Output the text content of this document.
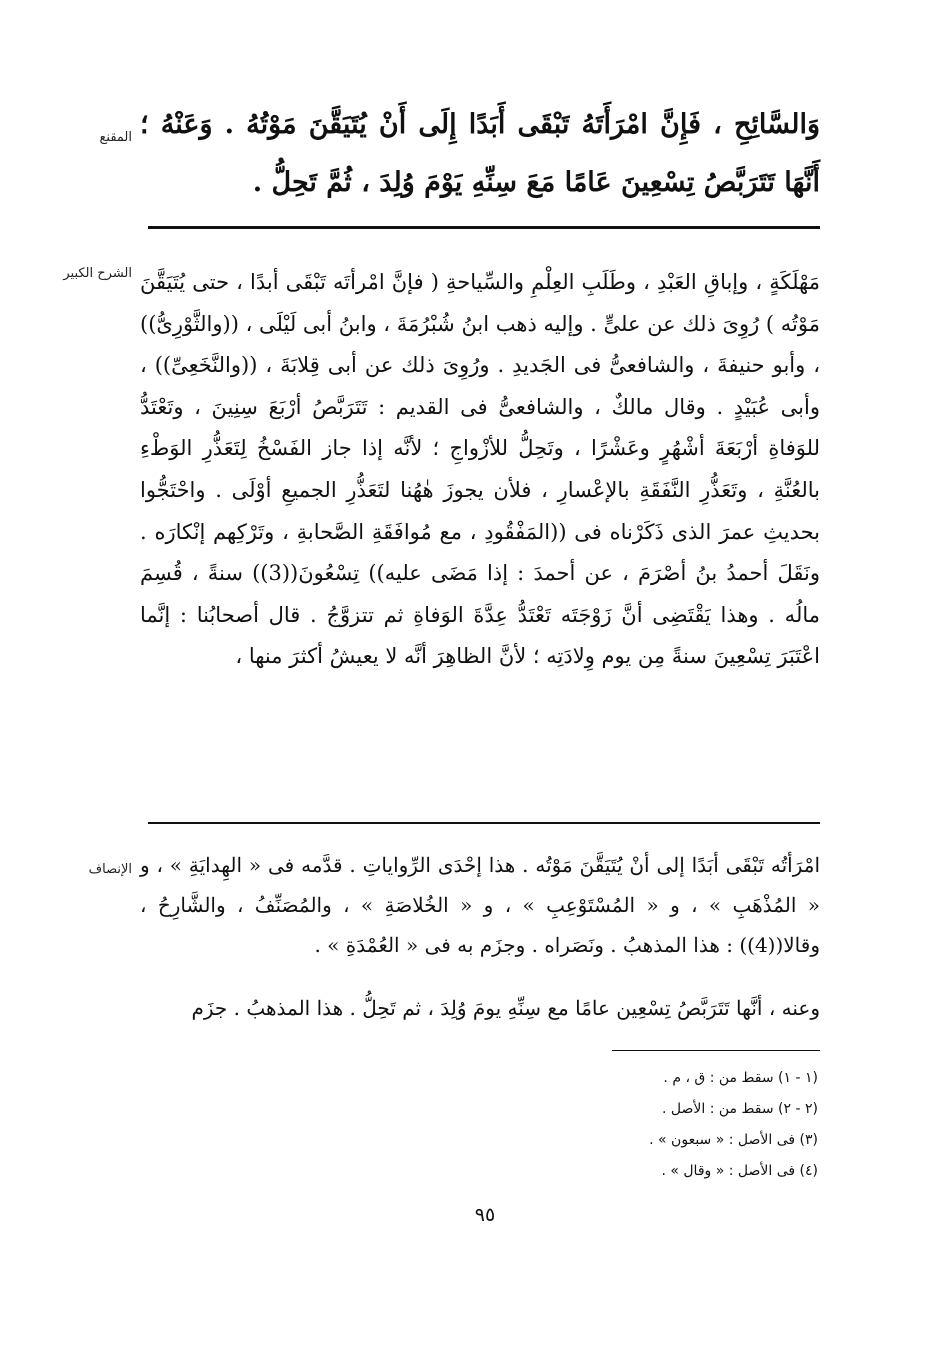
المقنع وَالسَّائِحِ ، فَإِنَّ امْرَأَتَهُ تَبْقَى أَبَدًا إِلَى أَنْ يُتَيَقَّنَ مَوْتُهُ . وَعَنْهُ ؛ أَنَّهَا تَتَرَبَّصُ تِسْعِينَ عَامًا مَعَ سِنِّهِ يَوْمَ وُلِدَ ، ثُمَّ تَحِلُّ .
الشرح الكبير مَهْلَكَةٍ ، وإباقِ العَبْدِ ، وطَلَبِ العِلْمِ والسِّياحةِ ( فإنَّ امْرأتَه تَبْقَى أبدًا ، حتى يُتَيَقَّنَ مَوْتُه ) رُوِىَ ذلك عن علىٍّ . وإليه ذهب ابنُ شُبْرُمَةَ ، وابنُ أبى لَيْلَى ، ((والثَّوْرِىُّ)) ، وأبو حنيفةَ ، والشافعىُّ فى الجَديدِ . ورُوِىَ ذلك عن أبى قِلابَةَ ، ((والنَّخَعِىِّ)) ، وأبى عُبَيْدٍ . وقال مالكٌ ، والشافعىُّ فى القديم : تَتَرَبَّصُ أرْبَعَ سِنِينَ ، وتَعْتَدُّ للوَفاةِ أرْبَعَةَ أشْهُرٍ وعَشْرًا ، وتَحِلُّ للأزْواجِ ؛ لأنَّه إذا جاز الفَسْخُ لِتَعَذُّرِ الوَطْءِ بالعُنَّةِ ، وتَعَذُّرِ النَّفَقَةِ بالإعْسارِ ، فلأن يجوزَ هٰهُنا لتَعَذُّرِ الجميعِ أوْلَى . واحْتَجُّوا بحديثِ عمرَ الذى ذَكَرْناه فى ((المَفْقُودِ ، مع مُوافَقَةِ الصَّحابةِ ، وتَرْكِهم إنْكارَه . ونَقَلَ أحمدُ بنُ أصْرَمَ ، عن أحمدَ : إذا مَضَى عليه)) تِسْعُونَ((3)) سنةً ، قُسِمَ مالُه . وهذا يَقْتَضِى أنَّ زَوْجَتَه تَعْتَدُّ عِدَّةَ الوَفاةِ ثم تتزوَّجُ . قال أصحابُنا : إنَّما اعْتَبَرَ تِسْعِينَ سنةً مِن يوم وِلادَتِه ؛ لأنَّ الظاهِرَ أنَّه لا يعيشُ أكثرَ منها ،
الإنصاف امْرَأتُه تَبْقَى أبَدًا إلى أنْ يُتَيَقَّنَ مَوْتُه . هذا إحْدَى الرِّواياتِ . قدَّمه فى « الهِدايَةِ » ، و « المُذْهَبِ » ، و « المُسْتَوْعِبِ » ، و « الخُلاصَةِ » ، والمُصَنِّفُ ، والشَّارِحُ ، وقالا((4)) : هذا المذهبُ . ونَصَراه . وجزَم به فى « العُمْدَةِ » .
وعنه ، أنَّها تَتَرَبَّصُ تِسْعِين عامًا مع سِنِّهِ يومَ وُلِدَ ، ثم تَحِلُّ . هذا المذهبُ . جزَم
(١ - ١) سقط من : ق ، م .
(٢ - ٢) سقط من : الأصل .
(٣) فى الأصل : « سبعون » .
(٤) فى الأصل : « وقال » .
٩٥
